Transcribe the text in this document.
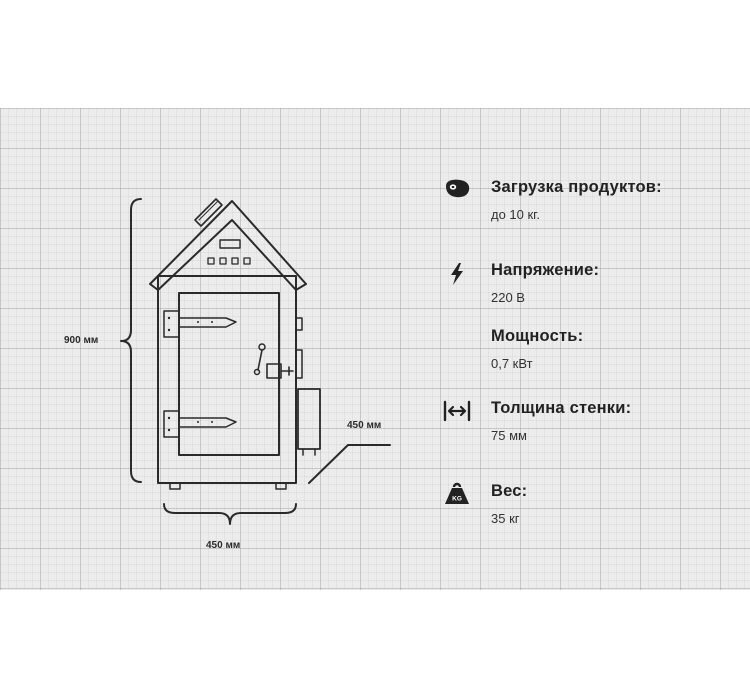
900 мм
450 мм
450 мм
Загрузка продуктов:
до 10 кг.
Напряжение:
220 В
Мощность:
0,7 кВт
Толщина стенки:
75 мм
KG Вес:
35 кг
